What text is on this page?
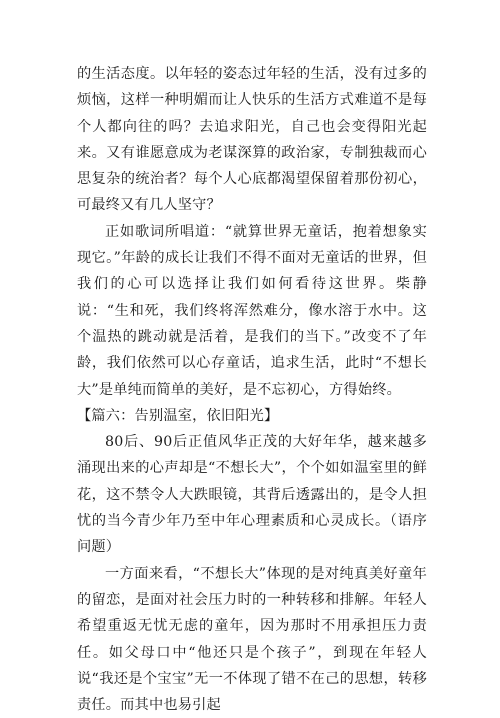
的生活态度。以年轻的姿态过年轻的生活，没有过多的烦恼，这样一种明媚而让人快乐的生活方式难道不是每个人都向往的吗？去追求阳光，自己也会变得阳光起来。又有谁愿意成为老谋深算的政治家，专制独裁而心思复杂的统治者？每个人心底都渴望保留着那份初心，可最终又有几人坚守？

正如歌词所唱道：“就算世界无童话，抱着想象实现它。”年龄的成长让我们不得不面对无童话的世界，但我们的心可以选择让我们如何看待这世界。柴静说：“生和死，我们终将浑然难分，像水溶于水中。这个温热的跳动就是活着，是我们的当下。”改变不了年龄，我们依然可以心存童话，追求生活，此时“不想长大”是单纯而简单的美好，是不忘初心，方得始终。

【篇六：告别温室，依旧阳光】

80后、90后正值风华正茂的大好年华，越来越多涌现出来的心声却是“不想长大”，个个如如温室里的鲜花，这不禁令人大跌眼镜，其背后透露出的，是令人担忧的当今青少年乃至中年心理素质和心灵成长。（语序问题）

一方面来看，“不想长大”体现的是对纯真美好童年的留恋，是面对社会压力时的一种转移和排解。年轻人希望重返无忧无虑的童年，因为那时不用承担压力责任。如父母口中“他还只是个孩子”，到现在年轻人说“我还是个宝宝”无一不体现了错不在己的思想，转移责任。而其中也易引起
